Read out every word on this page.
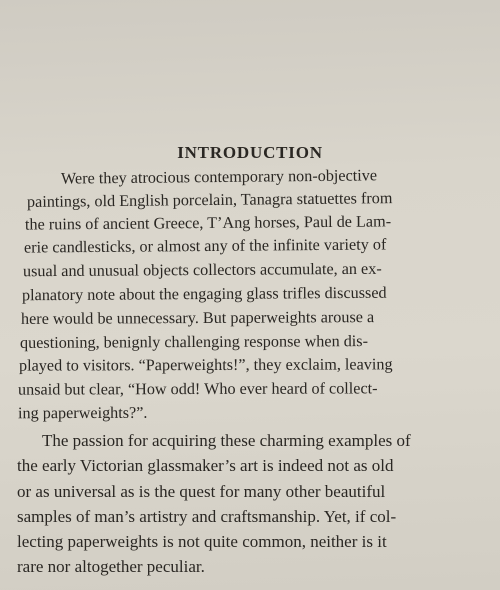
INTRODUCTION
Were they atrocious contemporary non-objective
paintings, old English porcelain, Tanagra statuettes from
the ruins of ancient Greece, T’Ang horses, Paul de Lam-
erie candlesticks, or almost any of the infinite variety of
usual and unusual objects collectors accumulate, an ex-
planatory note about the engaging glass trifles discussed
here would be unnecessary. But paperweights arouse a
questioning, benignly challenging response when dis-
played to visitors. “Paperweights!”, they exclaim, leaving
unsaid but clear, “How odd! Who ever heard of collect-
ing paperweights?”.
The passion for acquiring these charming examples of
the early Victorian glassmaker’s art is indeed not as old
or as universal as is the quest for many other beautiful
samples of man’s artistry and craftsmanship. Yet, if col-
lecting paperweights is not quite common, neither is it
rare nor altogether peculiar.
